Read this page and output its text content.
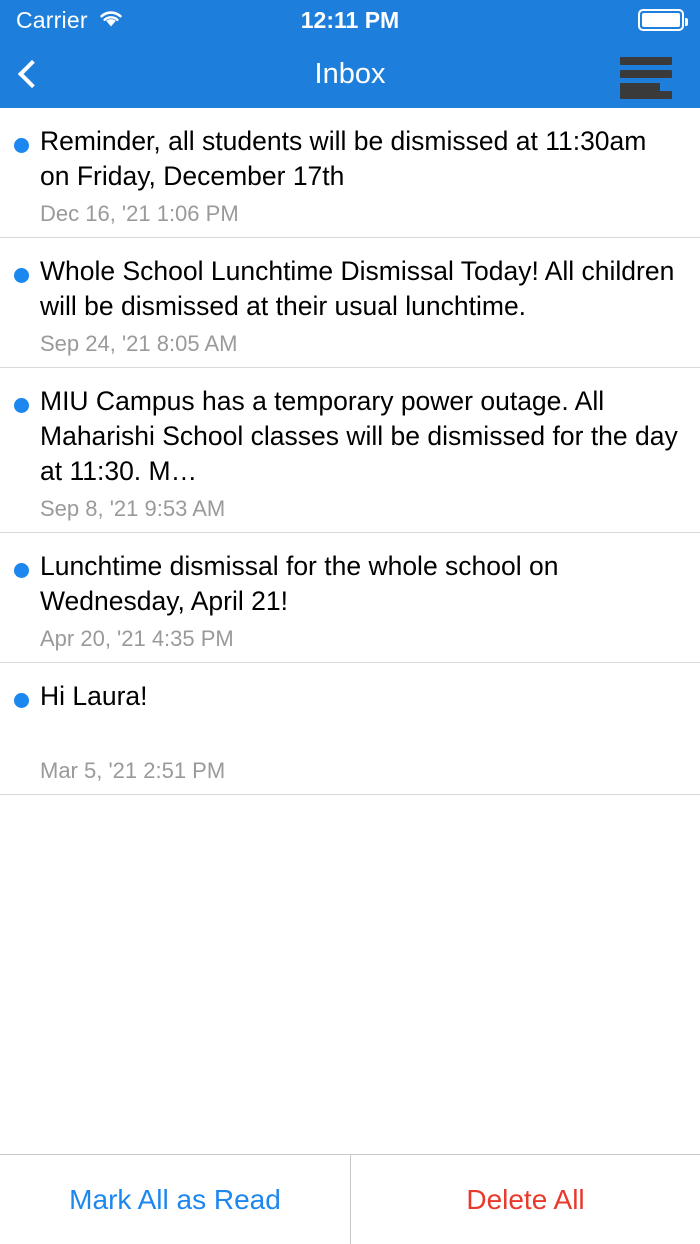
Carrier	12:11 PM
Inbox
Reminder, all students will be dismissed at 11:30am on Friday, December 17th
Dec 16, '21 1:06 PM
Whole School Lunchtime Dismissal Today! All children will be dismissed at their usual lunchtime.
Sep 24, '21 8:05 AM
MIU Campus has a temporary power outage. All Maharishi School classes will be dismissed for the day at 11:30. M…
Sep 8, '21 9:53 AM
Lunchtime dismissal for the whole school on Wednesday, April 21!
Apr 20, '21 4:35 PM
Hi Laura!
Mar 5, '21 2:51 PM
Mark All as Read	Delete All
